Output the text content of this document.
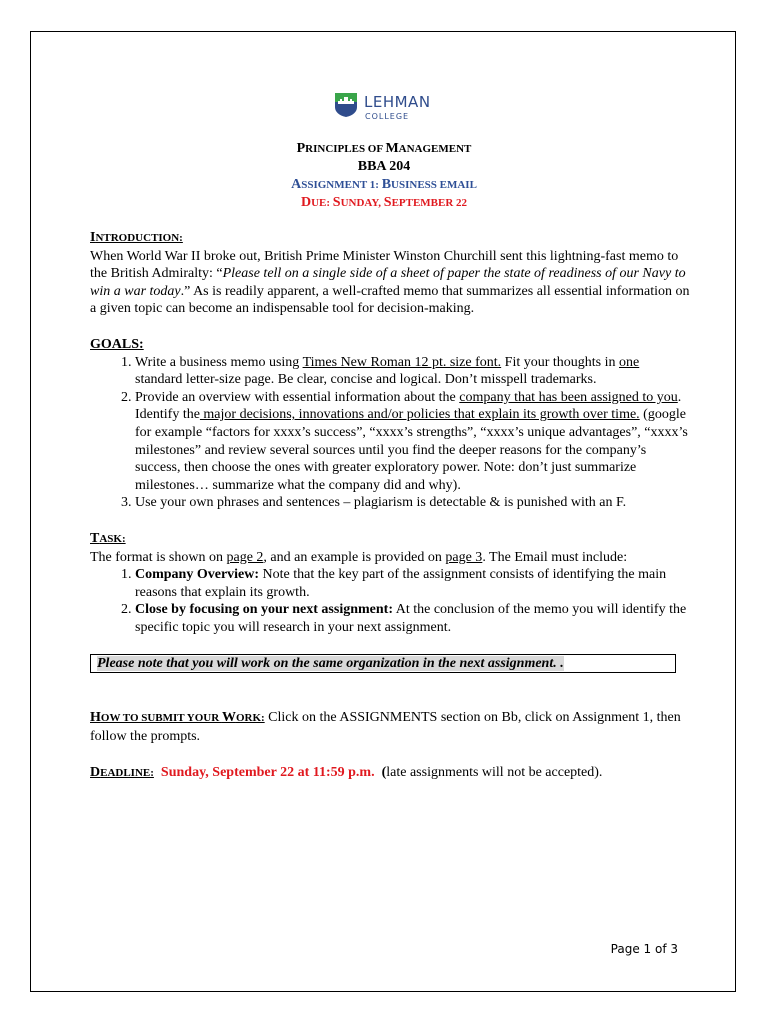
LEHMAN
COLLEGE
PRINCIPLES OF MANAGEMENT
BBA 204
ASSIGNMENT 1: BUSINESS EMAIL
DUE: SUNDAY, SEPTEMBER 22
INTRODUCTION:

When World War II broke out, British Prime Minister Winston Churchill sent this lightning-fast memo to the British Admiralty: “Please tell on a single side of a sheet of paper the state of readiness of our Navy to win a war today.” As is readily apparent, a well-crafted memo that summarizes all essential information on a given topic can become an indispensable tool for decision-making.

GOALS:
1. Write a business memo using Times New Roman 12 pt. size font. Fit your thoughts in one standard letter-size page. Be clear, concise and logical. Don’t misspell trademarks.
2. Provide an overview with essential information about the company that has been assigned to you. Identify the major decisions, innovations and/or policies that explain its growth over time. (google for example “factors for xxxx’s success”, “xxxx’s strengths”, “xxxx’s unique advantages”, “xxxx’s milestones” and review several sources until you find the deeper reasons for the company’s success, then choose the ones with greater exploratory power. Note: don’t just summarize milestones… summarize what the company did and why).
3. Use your own phrases and sentences – plagiarism is detectable & is punished with an F.
TASK:

The format is shown on page 2, and an example is provided on page 3. The Email must include:

1. Company Overview: Note that the key part of the assignment consists of identifying the main reasons that explain its growth.
2. Close by focusing on your next assignment: At the conclusion of the memo you will identify the specific topic you will research in your next assignment.
Please note that you will work on the same organization in the next assignment. .

HOW TO SUBMIT YOUR WORK: Click on the ASSIGNMENTS section on Bb, click on Assignment 1, then follow the prompts.

DEADLINE: Sunday, September 22 at 11:59 p.m. (late assignments will not be accepted).

Page 1 of 3
